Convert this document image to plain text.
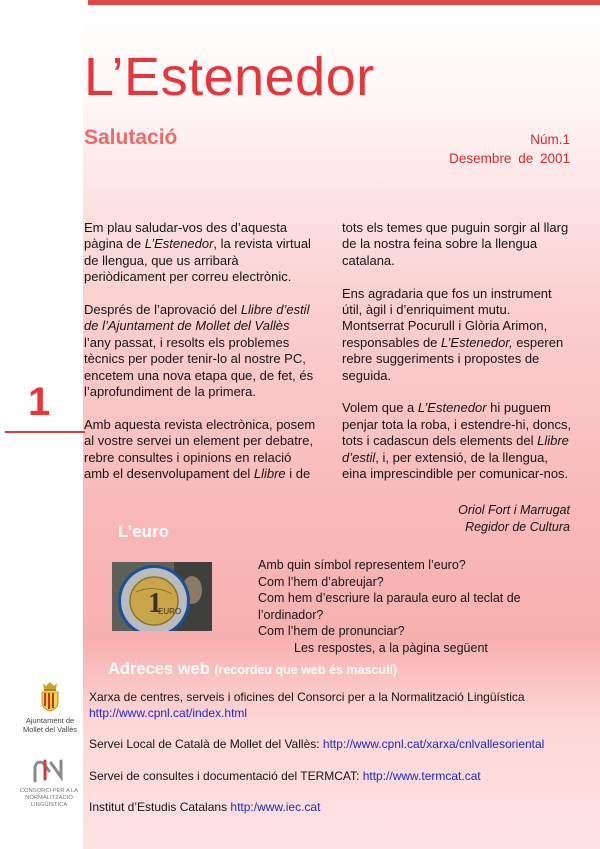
L’Estenedor
Salutació	Núm.1
Desembre de 2001
1

Em plau saludar-vos des d’aquesta pàgina de L’Estenedor, la revista virtual de llengua, que us arribarà periòdicament per correu electrònic.

Després de l’aprovació del Llibre d’estil de l’Ajuntament de Mollet del Vallès l’any passat, i resolts els problemes tècnics per poder tenir-lo al nostre PC, encetem una nova etapa que, de fet, és l’aprofundiment de la primera.

Amb aquesta revista electrònica, posem al vostre servei un element per debatre, rebre consultes i opinions en relació amb el desenvolupament del Llibre i de

tots els temes que puguin sorgir al llarg de la nostra feina sobre la llengua catalana.

Ens agradaria que fos un instrument útil, àgil i d’enriquiment mutu. Montserrat Pocurull i Glòria Arimon, responsables de L’Estenedor, esperen rebre suggeriments i propostes de seguida.

Volem que a L’Estenedor hi puguem penjar tota la roba, i estendre-hi, doncs, tots i cadascun dels elements del Llibre d’estil, i, per extensió, de la llengua, eina imprescindible per comunicar-nos.

Oriol Fort i Marrugat
Regidor de Cultura
L’euro
1
EURO
Amb quin símbol representem l’euro?
Com l’hem d’abreujar?
Com hem d’escriure la paraula euro al teclat de
l’ordinador?
Com l’hem de pronunciar?
Les respostes, a la pàgina següent
Adreces web (recordeu que web és masculí)
Xarxa de centres, serveis i oficines del Consorci per a la Normalització Lingüística
http://www.cpnl.cat/index.html
Servei Local de Català de Mollet del Vallès: http://www.cpnl.cat/xarxa/cnlvallesoriental
Servei de consultes i documentació del TERMCAT: http://www.termcat.cat
Institut d’Estudis Catalans http:/www.iec.cat
Ajuntament de Mollet del Vallès
CONSORCI PER A LA NORMALITZACIÓ LINGÜÍSTICA
